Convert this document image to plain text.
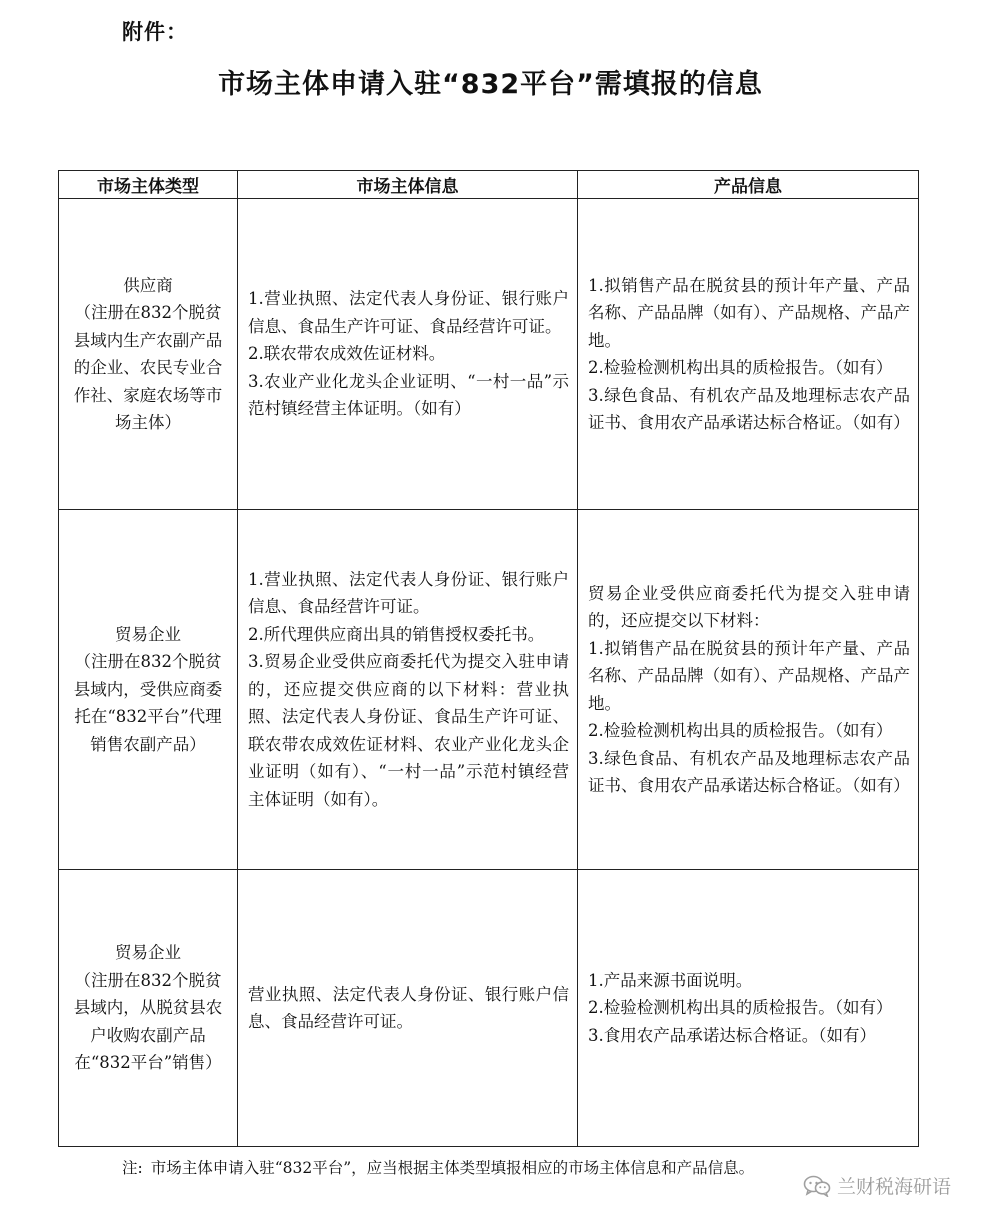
附件：
市场主体申请入驻“832平台”需填报的信息
市场主体类型	市场主体信息	产品信息

供应商
（注册在832个脱贫县域内生产农副产品的企业、农民专业合作社、家庭农场等市场主体）	1.营业执照、法定代表人身份证、银行账户信息、食品生产许可证、食品经营许可证。
2.联农带农成效佐证材料。
3.农业产业化龙头企业证明、“一村一品”示范村镇经营主体证明。（如有）	1.拟销售产品在脱贫县的预计年产量、产品名称、产品品牌（如有）、产品规格、产品产地。
2.检验检测机构出具的质检报告。（如有）
3.绿色食品、有机农产品及地理标志农产品证书、食用农产品承诺达标合格证。（如有）

贸易企业
（注册在832个脱贫县域内，受供应商委托在“832平台”代理销售农副产品）	1.营业执照、法定代表人身份证、银行账户信息、食品经营许可证。
2.所代理供应商出具的销售授权委托书。
3.贸易企业受供应商委托代为提交入驻申请的，还应提交供应商的以下材料：营业执照、法定代表人身份证、食品生产许可证、联农带农成效佐证材料、农业产业化龙头企业证明（如有）、“一村一品”示范村镇经营主体证明（如有）。	贸易企业受供应商委托代为提交入驻申请的，还应提交以下材料：
1.拟销售产品在脱贫县的预计年产量、产品名称、产品品牌（如有）、产品规格、产品产地。
2.检验检测机构出具的质检报告。（如有）
3.绿色食品、有机农产品及地理标志农产品证书、食用农产品承诺达标合格证。（如有）

贸易企业
（注册在832个脱贫县域内，从脱贫县农户收购农副产品在“832平台”销售）	营业执照、法定代表人身份证、银行账户信息、食品经营许可证。	1.产品来源书面说明。
2.检验检测机构出具的质检报告。（如有）
3.食用农产品承诺达标合格证。（如有）
注: 市场主体申请入驻“832平台”，应当根据主体类型填报相应的市场主体信息和产品信息。
兰财税海研语
